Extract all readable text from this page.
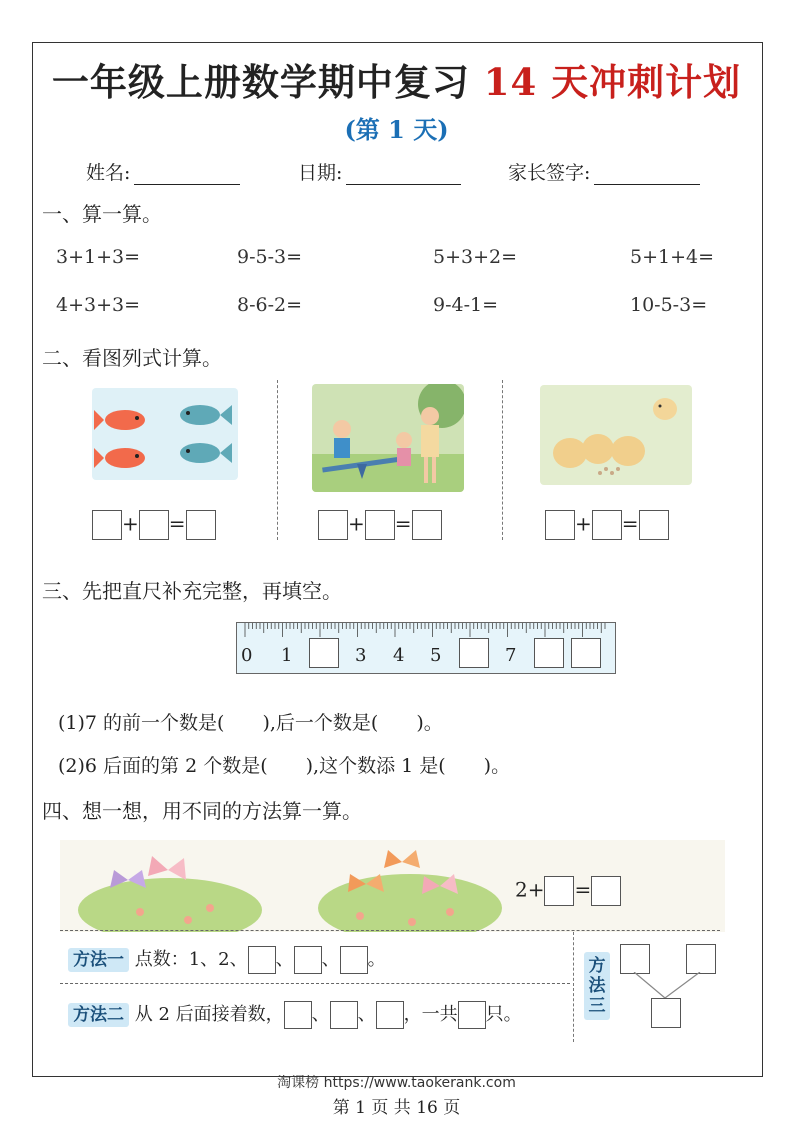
一年级上册数学期中复习 14 天冲刺计划
(第 1 天)
姓名:	日期:	家长签字:
一、算一算。
3+1+3=	9-5-3=	5+3+2=	5+1+4=
4+3+3=	8-6-2=	9-4-1=	10-5-3=
二、看图列式计算。
+ =	+ =	+ =
三、先把直尺补充完整，再填空。
0 1	3 4 5	7
(1)7 的前一个数是(　　),后一个数是(　　)。
(2)6 后面的第 2 个数是(　　),这个数添 1 是(　　)。
四、想一想，用不同的方法算一算。
2+ =
方法一 点数：1、2、 、 、 。
方法二 从 2 后面接着数， 、 、 ，一共 只。
方法三
淘课榜 https://www.taokerank.com
第 1 页 共 16 页
